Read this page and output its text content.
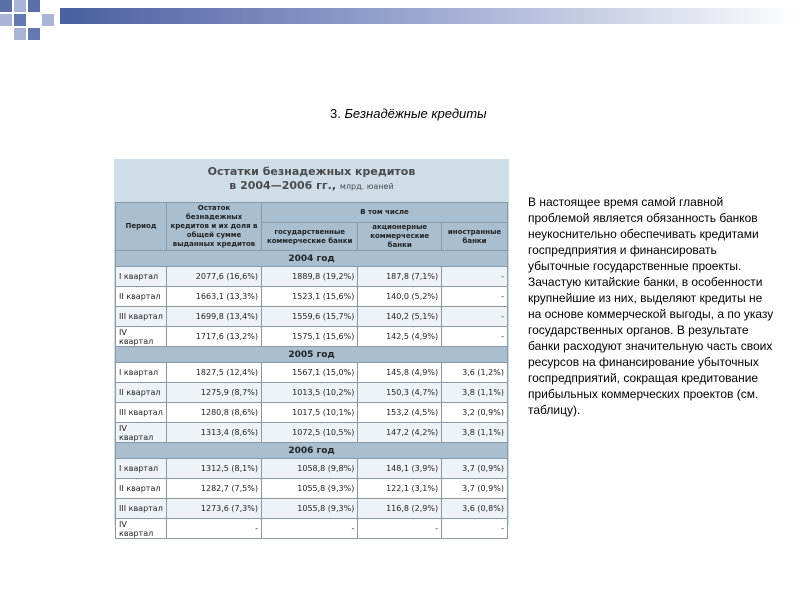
3. Безнадёжные кредиты
Остатки безнадежных кредитов
в 2004—2006 гг., млрд. юаней
Период	Остаток безнадежных кредитов и их доля в общей сумме выданных кредитов	В том числе		
		государственные коммерческие банки	акционерные коммерческие банки	иностранные банки
2004 год				
I квартал	2077,6 (16,6%)	1889,8 (19,2%)	187,8 (7,1%)	-
II квартал	1663,1 (13,3%)	1523,1 (15,6%)	140,0 (5,2%)	-
III квартал	1699,8 (13,4%)	1559,6 (15,7%)	140,2 (5,1%)	-
IV квартал	1717,6 (13,2%)	1575,1 (15,6%)	142,5 (4,9%)	-
2005 год				
I квартал	1827,5 (12,4%)	1567,1 (15,0%)	145,8 (4,9%)	3,6 (1,2%)
II квартал	1275,9 (8,7%)	1013,5 (10,2%)	150,3 (4,7%)	3,8 (1,1%)
III квартал	1280,8 (8,6%)	1017,5 (10,1%)	153,2 (4,5%)	3,2 (0,9%)
IV квартал	1313,4 (8,6%)	1072,5 (10,5%)	147,2 (4,2%)	3,8 (1,1%)
2006 год				
I квартал	1312,5 (8,1%)	1058,8 (9,8%)	148,1 (3,9%)	3,7 (0,9%)
II квартал	1282,7 (7,5%)	1055,8 (9,3%)	122,1 (3,1%)	3,7 (0,9%)
III квартал	1273,6 (7,3%)	1055,8 (9,3%)	116,8 (2,9%)	3,6 (0,8%)
IV квартал	-	-	-	-

В настоящее время самой главной проблемой является обязанность банков неукоснительно обеспечивать кредитами госпредприятия и финансировать убыточные государственные проекты. Зачастую китайские банки, в особенности крупнейшие из них, выделяют кредиты не на основе коммерческой выгоды, а по указу государственных органов. В результате банки расходуют значительную часть своих ресурсов на финансирование убыточных госпредприятий, сокращая кредитование прибыльных коммерческих проектов (см. таблицу).
